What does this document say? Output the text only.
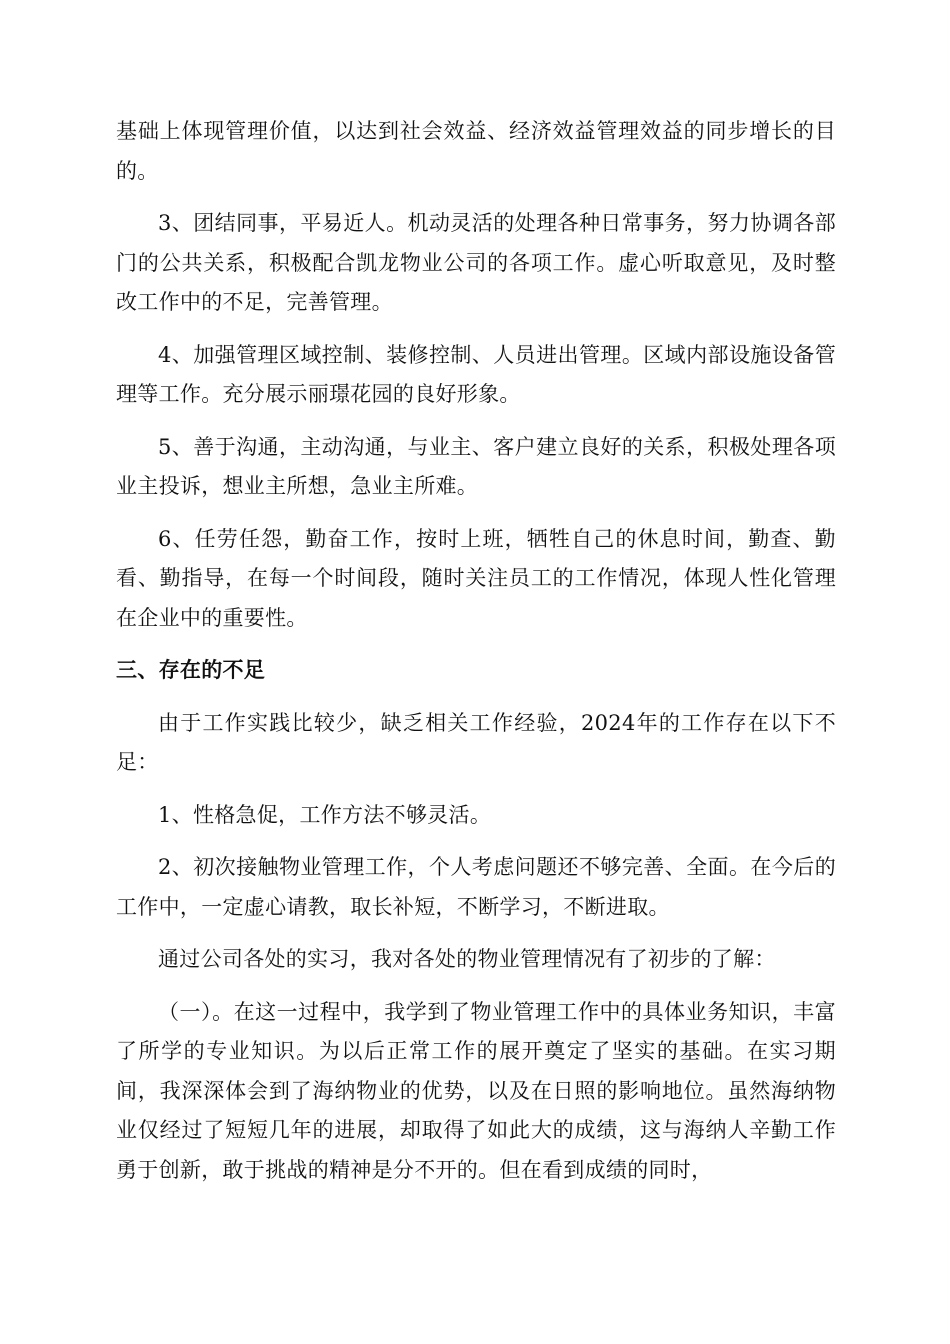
基础上体现管理价值，以达到社会效益、经济效益管理效益的同步增长的目的。

3、团结同事，平易近人。机动灵活的处理各种日常事务，努力协调各部门的公共关系，积极配合凯龙物业公司的各项工作。虚心听取意见，及时整改工作中的不足，完善管理。

4、加强管理区域控制、装修控制、人员进出管理。区域内部设施设备管理等工作。充分展示丽璟花园的良好形象。

5、善于沟通，主动沟通，与业主、客户建立良好的关系，积极处理各项业主投诉，想业主所想，急业主所难。

6、任劳任怨，勤奋工作，按时上班，牺牲自己的休息时间，勤查、勤看、勤指导，在每一个时间段，随时关注员工的工作情况，体现人性化管理在企业中的重要性。

三、存在的不足

由于工作实践比较少，缺乏相关工作经验，2024年的工作存在以下不足：

1、性格急促，工作方法不够灵活。

2、初次接触物业管理工作，个人考虑问题还不够完善、全面。在今后的工作中，一定虚心请教，取长补短，不断学习，不断进取。

通过公司各处的实习，我对各处的物业管理情况有了初步的了解：

（一）。在这一过程中，我学到了物业管理工作中的具体业务知识，丰富了所学的专业知识。为以后正常工作的展开奠定了坚实的基础。在实习期间，我深深体会到了海纳物业的优势，以及在日照的影响地位。虽然海纳物业仅经过了短短几年的进展，却取得了如此大的成绩，这与海纳人辛勤工作勇于创新，敢于挑战的精神是分不开的。但在看到成绩的同时，
